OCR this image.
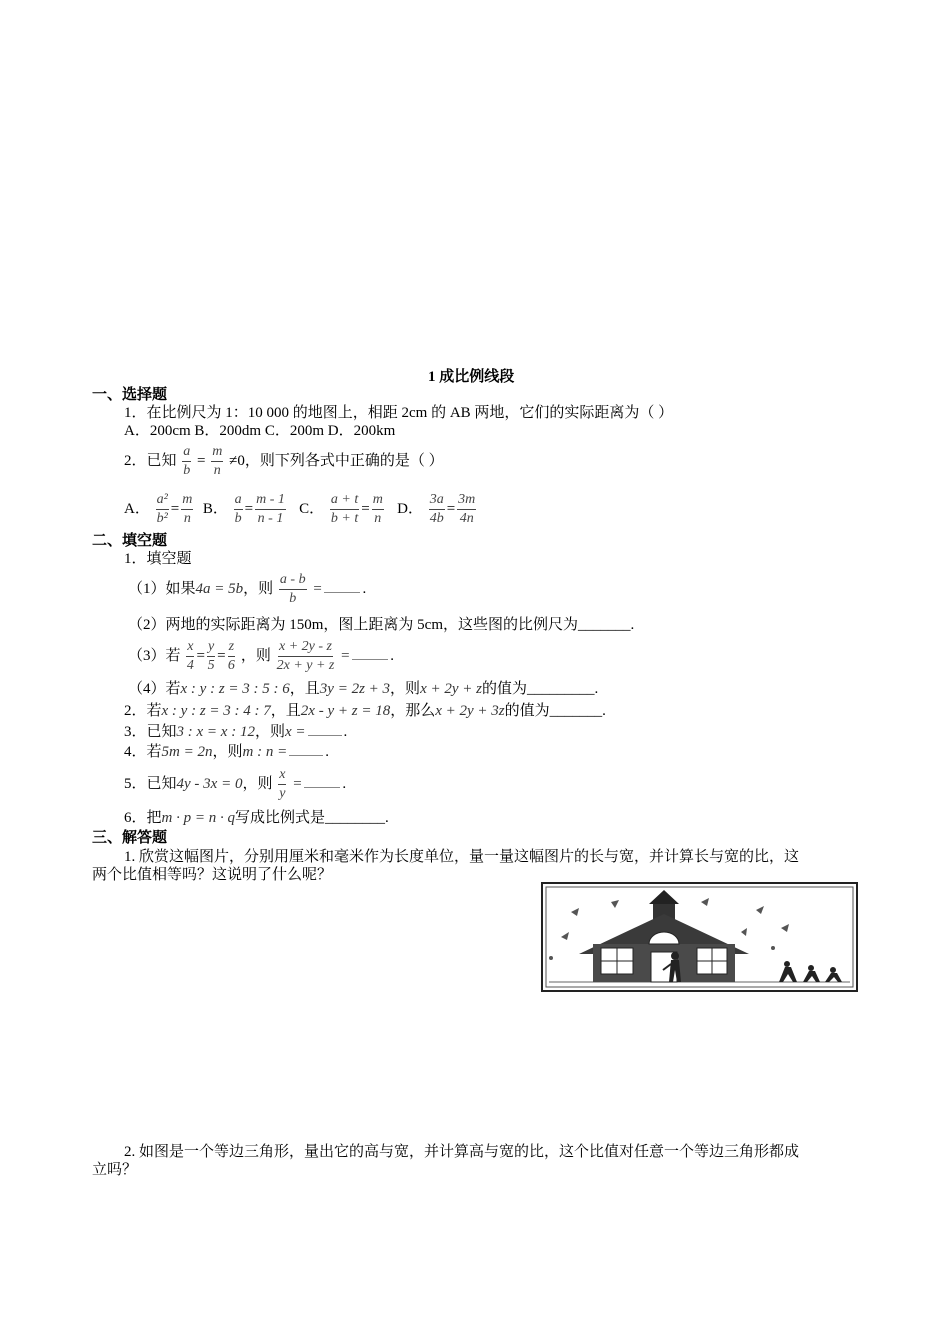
1 成比例线段
一、选择题
1．在比例尺为 1：10 000 的地图上，相距 2cm 的 AB 两地，它们的实际距离为（ ）
A．200cm B．200dm C．200m D．200km
2．已知 $\frac{a}{b} = \frac{m}{n} \ne 0$，则下列各式中正确的是（ ）
A． $\frac{\text{a²}}{\text{b²}} = \frac{m}{n}$ B． $\frac{a}{b} = \frac{m - 1}{n - 1}$ C． $\frac{a + t}{b + t} = \frac{m}{n}$ D． $\frac{3a}{4b} = \frac{3m}{4n}$
二、填空题
1．填空题
（1）如果4a = 5b，则 $\frac{a - b}{b}$ =	.
（2）两地的实际距离为 150m，图上距离为 5cm，这些图的比例尺为_______.
（3）若 $\frac{x}{4} = \frac{y}{5} = \frac{z}{6}$ ，则 $\frac{x + 2y - z}{2x + y + z}$ =	.
（4）若x : y : z = 3 : 5 : 6，且3y = 2z + 3，则x + 2y + z的值为_________.
2．若x : y : z = 3 : 4 : 7，且2x - y + z = 18，那么x + 2y + 3z的值为_______.
3．已知3 : x = x : 12，则x =	.
4．若5m = 2n，则m : n =	.
5．已知4y - 3x = 0，则 $\frac{x}{y}$ =	.
6．把m · p = n · q写成比例式是________.
三、解答题
1. 欣赏这幅图片，分别用厘米和毫米作为长度单位，量一量这幅图片的长与宽，并计算长与宽的比，这
两个比值相等吗？这说明了什么呢？
2. 如图是一个等边三角形，量出它的高与宽，并计算高与宽的比，这个比值对任意一个等边三角形都成
立吗？
